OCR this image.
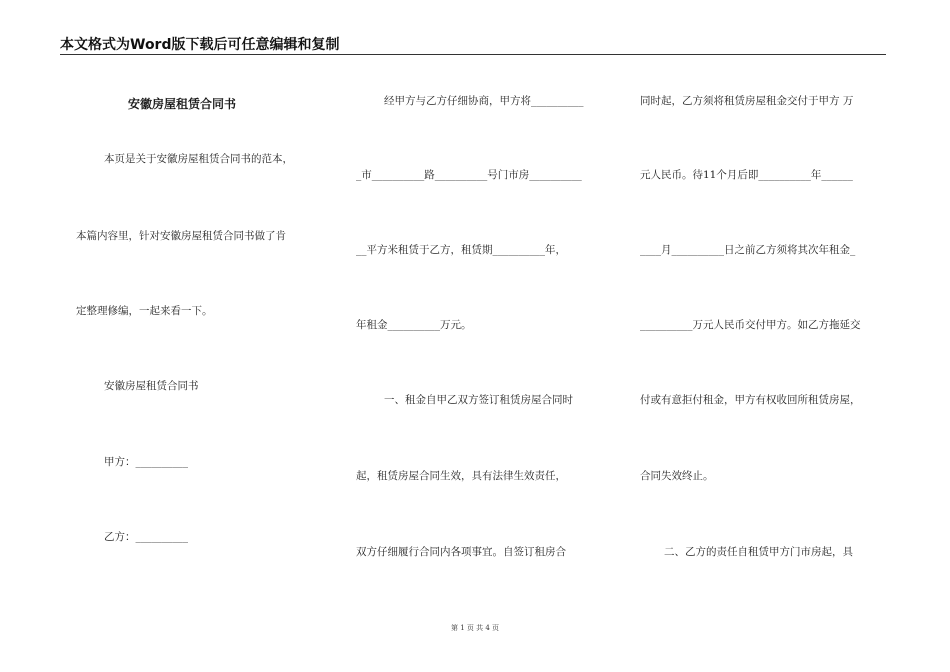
本文格式为Word版下载后可任意编辑和复制
安徽房屋租赁合同书
本页是关于安徽房屋租赁合同书的范本，
本篇内容里，针对安徽房屋租赁合同书做了肯
定整理修编，一起来看一下。
安徽房屋租赁合同书
甲方：__________
乙方：__________
经甲方与乙方仔细协商，甲方将__________
_市__________路__________号门市房__________
__平方米租赁于乙方，租赁期__________年，
年租金__________万元。
一、租金自甲乙双方签订租赁房屋合同时
起，租赁房屋合同生效，具有法律生效责任，
双方仔细履行合同内各项事宜。自签订租房合
同时起，乙方须将租赁房屋租金交付于甲方 万
元人民币。待11个月后即__________年______
____月__________日之前乙方须将其次年租金_
__________万元人民币交付甲方。如乙方拖延交
付或有意拒付租金，甲方有权收回所租赁房屋，
合同失效终止。
二、乙方的责任自租赁甲方门市房起，具
第 1 页 共 4 页
